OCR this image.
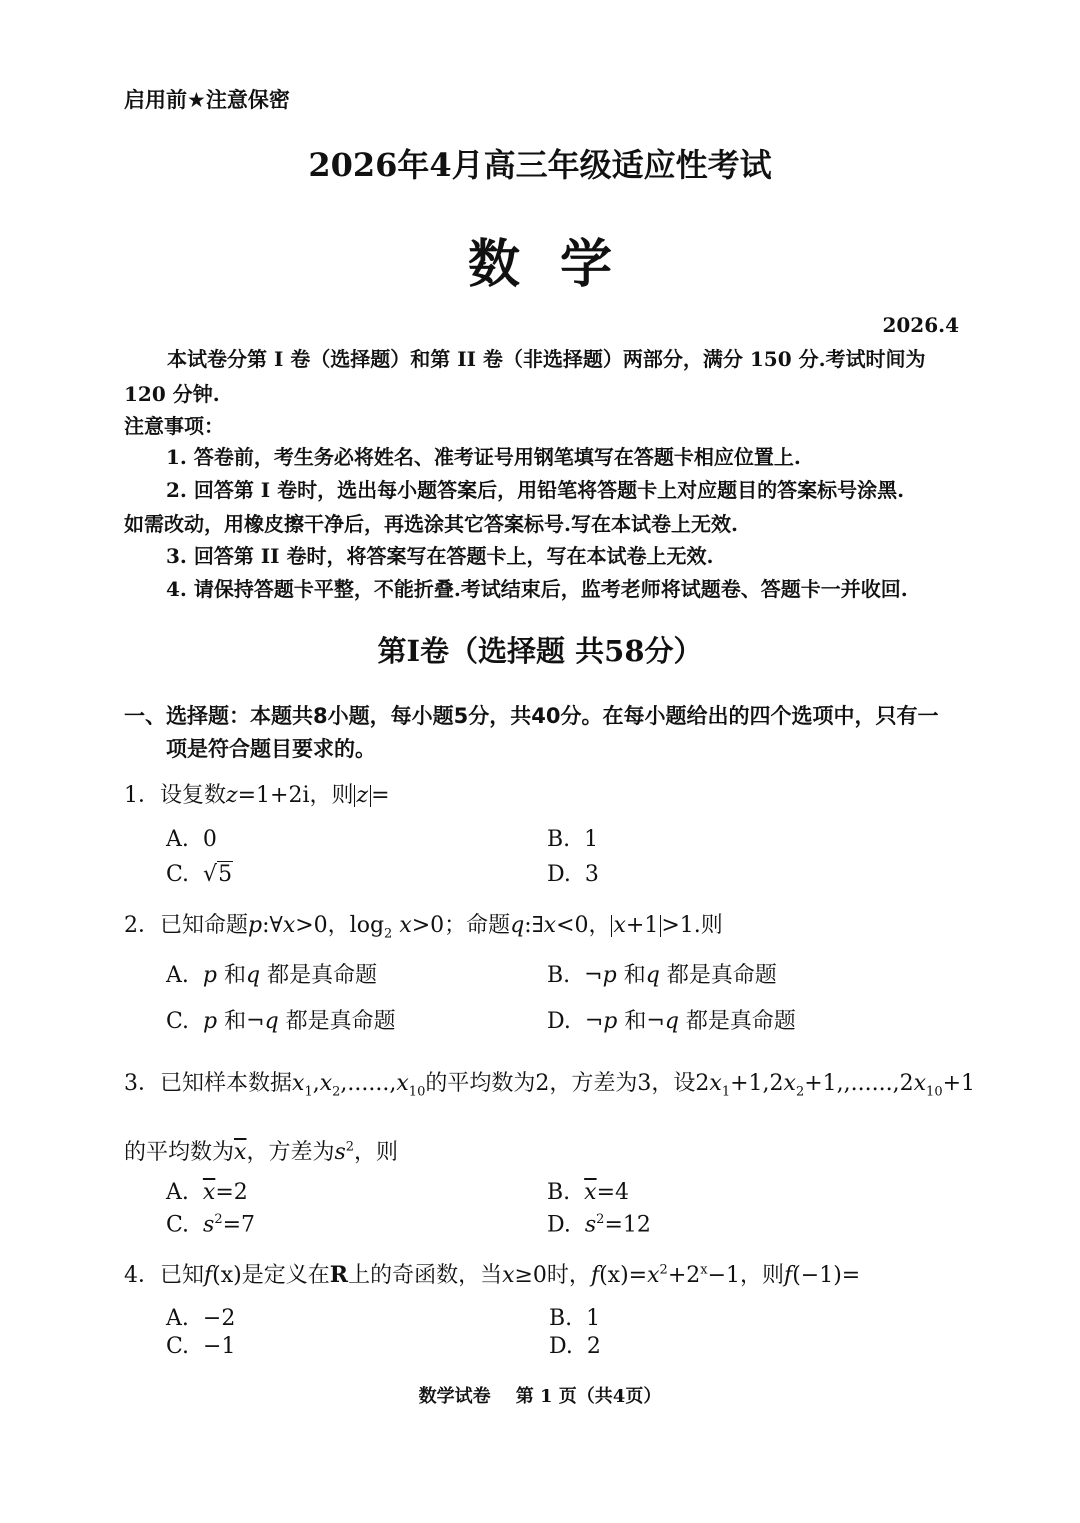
启用前★注意保密
2026年4月高三年级适应性考试
数学
2026.4
本试卷分第 I 卷（选择题）和第 II 卷（非选择题）两部分，满分 150 分.考试时间为
120 分钟.
注意事项：
1. 答卷前，考生务必将姓名、准考证号用钢笔填写在答题卡相应位置上.
2. 回答第 I 卷时，选出每小题答案后，用铅笔将答题卡上对应题目的答案标号涂黑.
如需改动，用橡皮擦干净后，再选涂其它答案标号.写在本试卷上无效.
3. 回答第 II 卷时，将答案写在答题卡上，写在本试卷上无效.
4. 请保持答题卡平整，不能折叠.考试结束后，监考老师将试题卷、答题卡一并收回.
第I卷（选择题 共58分）
一、选择题：本题共8小题，每小题5分，共40分。在每小题给出的四个选项中，只有一
项是符合题目要求的。
1．设复数z=1+2i，则 z =
A. 0	B. 1
C. √5	D. 3
2．已知命题p:∀x>0，$\log_2 x>0$；命题q:∃x<0， x+1 >1.则
A. p 和q 都是真命题	B. ¬p 和q 都是真命题
C. p 和¬q 都是真命题	D. ¬p 和¬q 都是真命题
3．已知样本数据$x_1,x_2,......,x_{10}$的平均数为2，方差为3，设$2x_1+1,2x_2+1,,......,2x_{10}+1$
的平均数为$\overline{x}$，方差为$s^2$，则
A. $\overline{x}=2$	B. $\overline{x}=4$
C. $s^2=7$	D. $s^2=12$
4．已知f(x)是定义在R上的奇函数，当x≥0时，$f(x)=x^2+2^x-1$，则f(−1)=
A. −2	B. 1
C. −1	D. 2
数学试卷    第 1 页（共4页）
